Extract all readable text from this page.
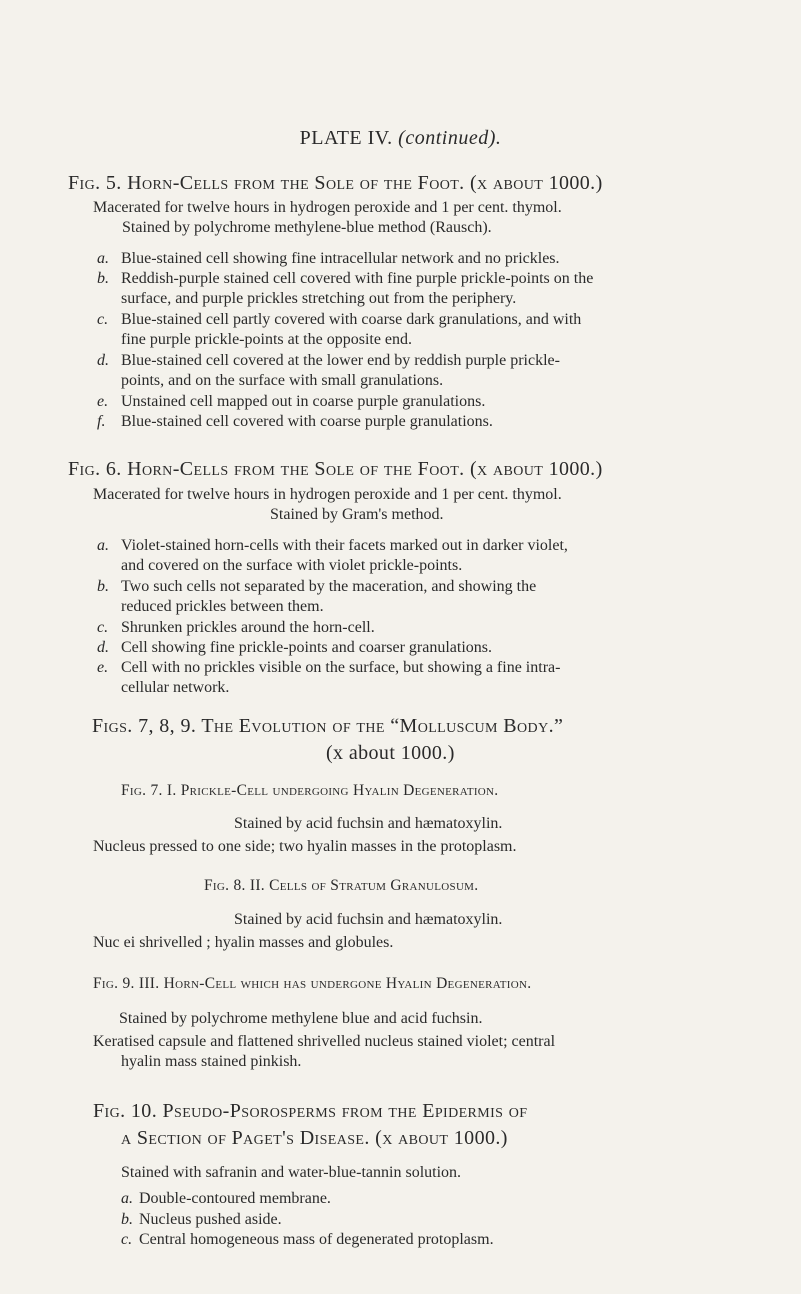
PLATE IV. (continued).
Fig. 5. Horn-Cells from the Sole of the Foot. (x about 1000.)
Macerated for twelve hours in hydrogen peroxide and 1 per cent. thymol.
Stained by polychrome methylene-blue method (Rausch).
a. Blue-stained cell showing fine intracellular network and no prickles.
b. Reddish-purple stained cell covered with fine purple prickle-points on the
surface, and purple prickles stretching out from the periphery.
c. Blue-stained cell partly covered with coarse dark granulations, and with
fine purple prickle-points at the opposite end.
d. Blue-stained cell covered at the lower end by reddish purple prickle-
points, and on the surface with small granulations.
e. Unstained cell mapped out in coarse purple granulations.
f. Blue-stained cell covered with coarse purple granulations.
Fig. 6. Horn-Cells from the Sole of the Foot. (x about 1000.)
Macerated for twelve hours in hydrogen peroxide and 1 per cent. thymol.
Stained by Gram's method.
a. Violet-stained horn-cells with their facets marked out in darker violet,
and covered on the surface with violet prickle-points.
b. Two such cells not separated by the maceration, and showing the
reduced prickles between them.
c. Shrunken prickles around the horn-cell.
d. Cell showing fine prickle-points and coarser granulations.
e. Cell with no prickles visible on the surface, but showing a fine intra-
cellular network.
Figs. 7, 8, 9. The Evolution of the “Molluscum Body.”
(x about 1000.)
Fig. 7. I. Prickle-Cell undergoing Hyalin Degeneration.
Stained by acid fuchsin and hæmatoxylin.
Nucleus pressed to one side; two hyalin masses in the protoplasm.
Fig. 8. II. Cells of Stratum Granulosum.
Stained by acid fuchsin and hæmatoxylin.
Nuc ei shrivelled ; hyalin masses and globules.
Fig. 9. III. Horn-Cell which has undergone Hyalin Degeneration.
Stained by polychrome methylene blue and acid fuchsin.
Keratised capsule and flattened shrivelled nucleus stained violet; central
hyalin mass stained pinkish.
Fig. 10. Pseudo-Psorosperms from the Epidermis of
a Section of Paget's Disease. (x about 1000.)
Stained with safranin and water-blue-tannin solution.
a. Double-contoured membrane.
b. Nucleus pushed aside.
c. Central homogeneous mass of degenerated protoplasm.
